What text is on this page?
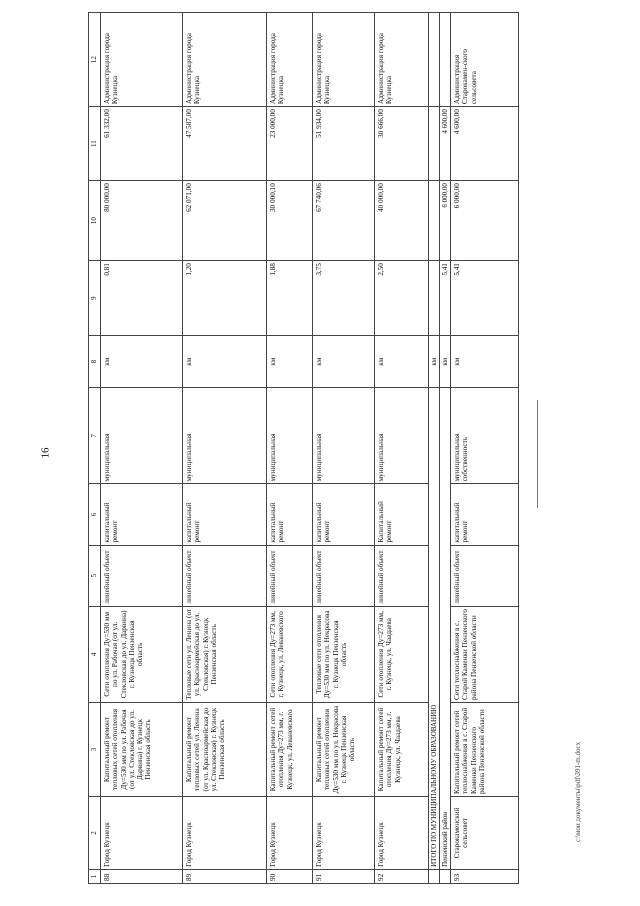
16
c:\мои документы\pdf\391-m.docx
1	2	3	4	5	6	7	8	9	10	11	12
88	Город Кузнецк	Капитальный ремонт тепловых сетей отопления Ду=530 мм по ул. Рабочая (от ул. Стекловская до ул. Дарвина) г. Кузнецк Пензенская область	Сети отопления Ду=530 мм по ул. Рабочая (от ул. Стекловская до ул. Дарвина) г. Кузнецк Пензенская область	линейный объект	капитальный ремонт	муниципальная	км	0,81	80 000,00	61 332,00	Администрация города Кузнецка
89	Город Кузнецк	Капитальный ремонт тепловых сетей ул. Ленина (от ул. Красноармейская до ул. Стекловская) г. Кузнецк Пензенская область	Тепловые сети ул. Ленина (от ул. Красноармейская до ул. Стекловская) г. Кузнецк Пензенская область	линейный объект	капитальный ремонт	муниципальная	км	1,20	62 071,00	47 587,00	Администрация города Кузнецка
90	Город Кузнецк	Капитальный ремонт сетей отопления Ду=273 мм, г. Кузнецк, ул. Леваневского	Сети отопления Ду=273 мм, г. Кузнецк, ул. Леваневского	линейный объект	капитальный ремонт	муниципальная	км	1,88	30 000,10	23 000,00	Администрация города Кузнецка
91	Город Кузнецк	Капитальный ремонт тепловых сетей отопления Ду=530 мм по ул. Некрасова г. Кузнецк Пензенская область	Тепловые сети отопления Ду=530 мм по ул. Некрасова г. Кузнецк Пензенская область	линейный объект	капитальный ремонт	муниципальная	км	3,75	67 740,06	51 934,00	Администрация города Кузнецка
92	Город Кузнецк	Капитальный ремонт сетей отопления Ду=273 мм, г. Кузнецк, ул. Чаадаева	Сети отопления Ду=273 мм, г. Кузнецк, ул. Чаадаева	линейный объект	Капитальный ремонт	муниципальная	км	2,50	40 000,00	30 666,00	Администрация города Кузнецка
	ИТОГО ПО МУНИЦИПАЛЬНОМУ ОБРАЗОВАНИЮ						км				
	Пензенский район						км	5,41	6 000,00	4 600,00	
93	Старокаменский сельсовет	Капитальный ремонт сетей теплоснабжения в с. Старой Каменки Пензенского района Пензенской области	Сети теплоснабжения в с. Старой Каменки Пензенского района Пензенской области	линейный объект	капитальный ремонт	муниципальная собственность	км	5,41	6 000,00	4 600,00	Администрация Старокамен-ского сельсовета
